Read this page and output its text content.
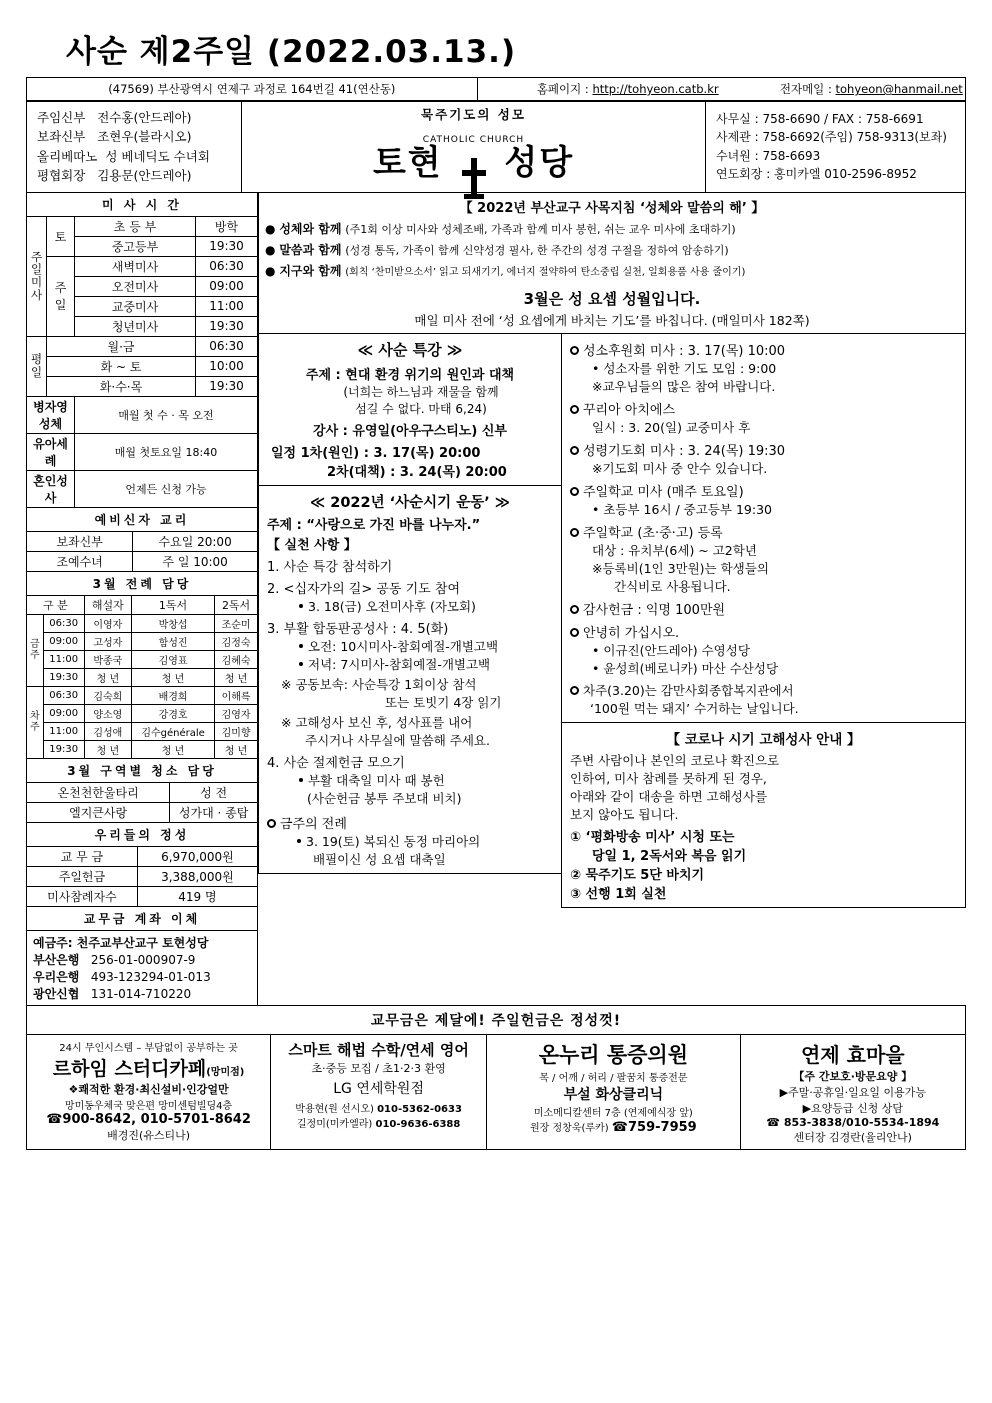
사순 제2주일 (2022.03.13.)
(47569) 부산광역시 연제구 과정로 164번길 41(연산동)	홈페이지 : http://tohyeon.catb.kr	전자메일 : tohyeon@hanmail.net
주임신부 전수홍(안드레아)
보좌신부 조현우(블라시오)
올리베따노 성 베네딕도 수녀회
평협회장 김용문(안드레아)

묵주기도의 성모
CATHOLIC CHURCH
토현 성당

사무실 : 758-6690 / FAX : 758-6691
사제관 : 758-6692(주임) 758-9313(보좌)
수녀원 : 758-6693
연도회장 : 홍미카엘 010-2596-8952
미 사 시 간			
주
일
미
사	토	초 등 부	방학
		중고등부	19:30
	주일	새벽미사	06:30
		오전미사	09:00
		교중미사	11:00
		청년미사	19:30
평
일	월·금		06:30
	화 ~ 토		10:00
	화·수·목		19:30
병자영성체		매월 첫 수 · 목 오전	
유아세례		매월 첫토요일 18:40	
혼인성사		언제든 신청 가능	
예비신자 교리	
보좌신부	수요일 20:00
조예수녀	주 일 10:00
3월 전례 담당				
구 분		해설자	1독서	2독서
금
주	06:30	이영자	박창섭	조순미
	09:00	고성자	함성진	김정숙
	11:00	박종국	김영표	김혜숙
	19:30	청 년	청 년	청 년
차
주	06:30	김숙희	배경희	이해륵
	09:00	양소영	강경호	김영자
	11:00	김성애	김수généralе	김미향
	19:30	청 년	청 년	청 년
3월 구역별 청소 담당	
온천천한울타리	성 전
엘지큰사랑	성가대 · 종탑
우리들의 정성	
교 무 금	6,970,000원
주일헌금	3,388,000원
미사참례자수	419 명
교무금 계좌 이체

예금주: 천주교부산교구 토현성당
부산은행 256-01-000907-9
우리은행 493-123294-01-013
광안신협 131-014-710220
【 2022년 부산교구 사목지침 ‘성체와 말씀의 해’ 】
● 성체와 함께 (주1회 이상 미사와 성체조배, 가족과 함께 미사 봉헌, 쉬는 교우 미사에 초대하기)
● 말씀과 함께 (성경 통독, 가족이 함께 신약성경 필사, 한 주간의 성경 구절을 정하여 암송하기)
● 지구와 함께 (회칙 ‘찬미받으소서’ 읽고 되새기기, 에너지 절약하여 탄소중립 실천, 일회용품 사용 줄이기)
3월은 성 요셉 성월입니다.
매일 미사 전에 ‘성 요셉에게 바치는 기도’를 바칩니다. (매일미사 182쪽)
≪ 사순 특강 ≫
주제 : 현대 환경 위기의 원인과 대책
(너희는 하느님과 재물을 함께
섬길 수 없다. 마태 6,24)
강사 : 유영일(아우구스티노) 신부
일정 1차(원인) : 3. 17(목) 20:00
2차(대책) : 3. 24(목) 20:00
≪ 2022년 ‘사순시기 운동’ ≫
주제 : “사랑으로 가진 바를 나누자.”
【 실천 사항 】
1. 사순 특강 참석하기
2. <십자가의 길> 공동 기도 참여
3. 18(금) 오전미사후 (자모회)
3. 부활 합동판공성사 : 4. 5(화)
오전: 10시미사-참회예절-개별고백
저녁: 7시미사-참회예절-개별고백
※ 공동보속: 사순특강 1회이상 참석
또는 토빗기 4장 읽기
※ 고해성사 보신 후, 성사표를 내어
주시거나 사무실에 말씀해 주세요.
4. 사순 절제헌금 모으기
부활 대축일 미사 때 봉헌
(사순헌금 봉투 주보대 비치)
금주의 전례
3. 19(토) 복되신 동정 마리아의
배필이신 성 요셉 대축일
성소후원회 미사 : 3. 17(목) 10:00
• 성소자를 위한 기도 모임 : 9:00
※교우님들의 많은 참여 바랍니다.
꾸리아 아치에스
일시 : 3. 20(일) 교중미사 후
성령기도회 미사 : 3. 24(목) 19:30
※기도회 미사 중 안수 있습니다.
주일학교 미사 (매주 토요일)
• 초등부 16시 / 중고등부 19:30
주일학교 (초·중·고) 등록
대상 : 유치부(6세) ~ 고2학년
※등록비(1인 3만원)는 학생들의
간식비로 사용됩니다.
감사헌금 : 익명 100만원
안녕히 가십시오.
• 이규진(안드레아) 수영성당
• 윤성희(베로니카) 마산 수산성당
차주(3.20)는 감만사회종합복지관에서
‘100원 먹는 돼지’ 수거하는 날입니다.
【 코로나 시기 고해성사 안내 】
주변 사람이나 본인의 코로나 확진으로
인하여, 미사 참례를 못하게 된 경우,
아래와 같이 대송을 하면 고해성사를
보지 않아도 됩니다.
① ‘평화방송 미사’ 시청 또는
당일 1, 2독서와 복음 읽기
② 묵주기도 5단 바치기
③ 선행 1회 실천
교무금은 제달에! 주일헌금은 정성껏!
24시 무인시스템 – 부담없이 공부하는 곳
르하임 스터디카페(망미점)
❖쾌적한 환경·최신설비·인강얼만
망미동우체국 맞은편 망미센텀빌딩4층
☎900-8642, 010-5701-8642
배경진(유스티나)

스마트 해법 수학/연세 영어
초·중등 모집 / 초1·2·3 환영
LG 연세학원점
박용현(원 선시오) 010-5362-0633
길정미(미카엘라) 010-9636-6388

온누리 통증의원
목 / 어깨 / 허리 / 팔꿈치 통증전문
부설 화상클리닉
미소메디칼센터 7층 (연제예식장 앞)
원장 정창욱(루카) ☎759-7959

연제 효마을
【주 간보호·방문요양 】
▶주말·공휴일·일요일 이용가능
▶요양등급 신청 상담
☎ 853-3838/010-5534-1894
센터장 김경란(율리안나)
